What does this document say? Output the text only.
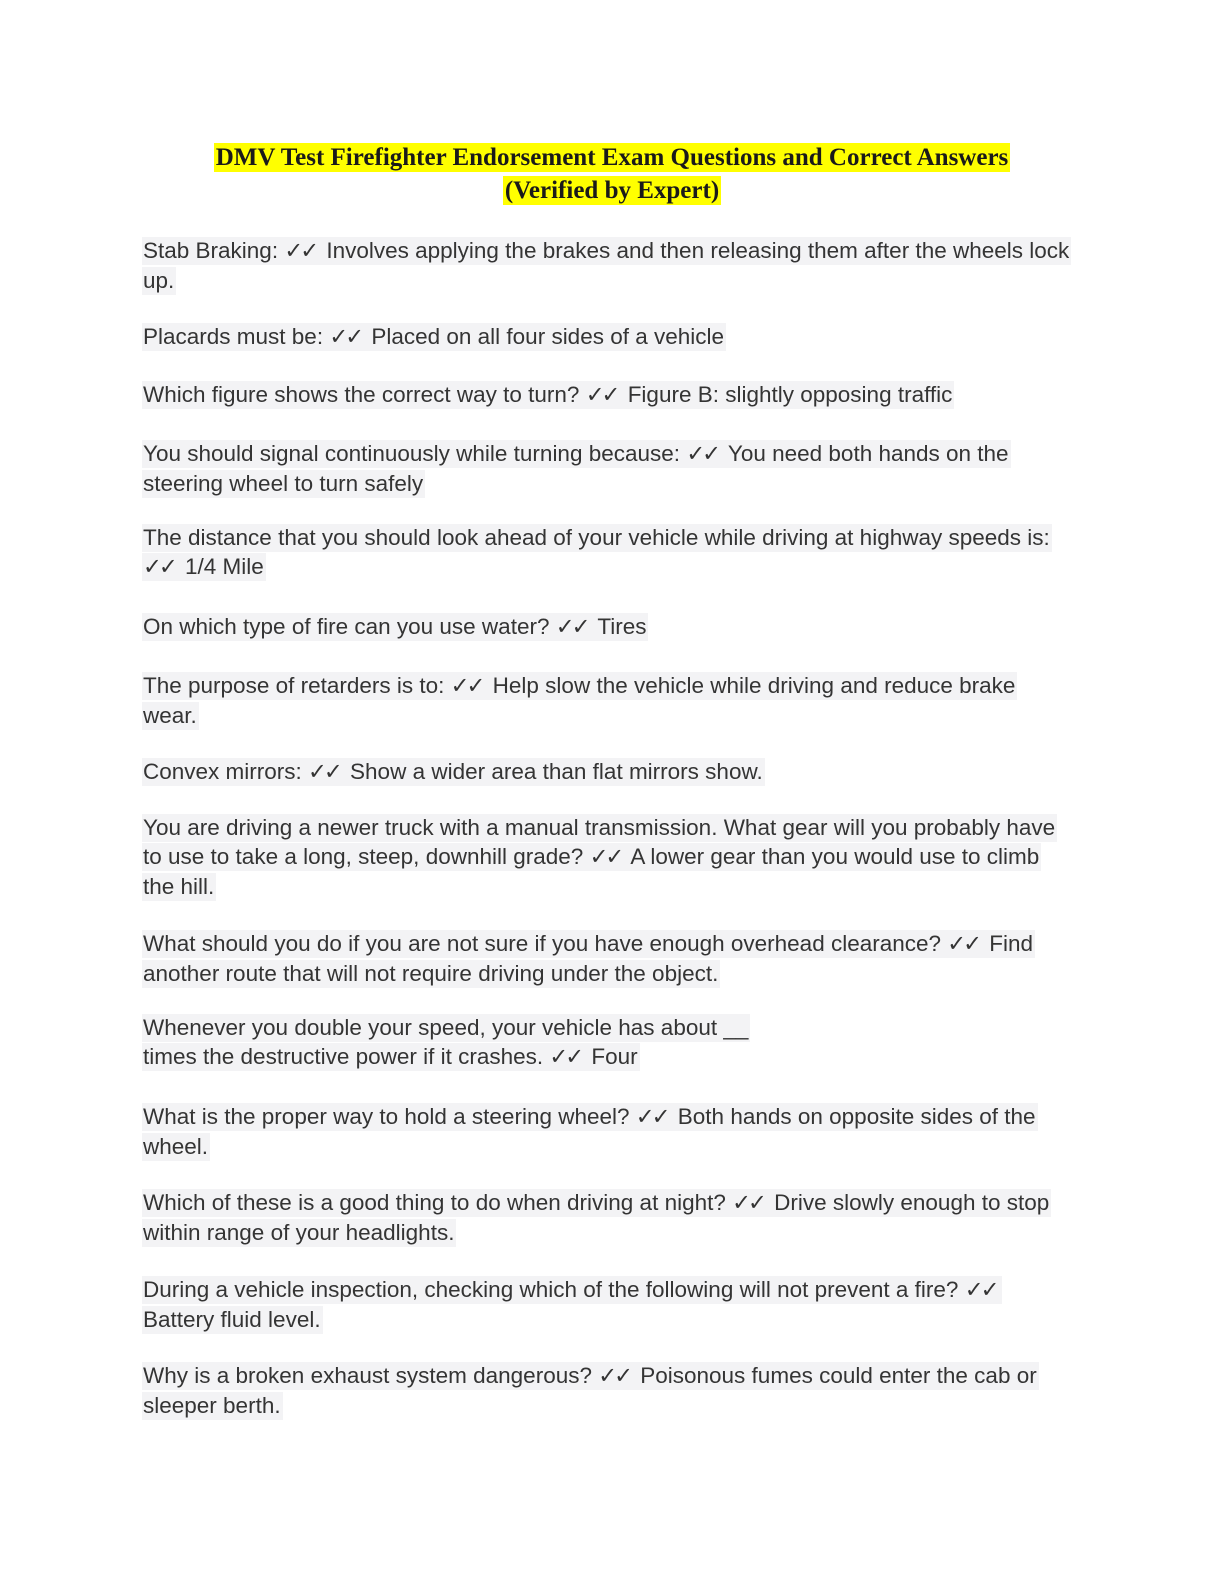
DMV Test Firefighter Endorsement Exam Questions and Correct Answers
(Verified by Expert)
Stab Braking: ✓✓ Involves applying the brakes and then releasing them after the wheels lock up.
Placards must be: ✓✓ Placed on all four sides of a vehicle
Which figure shows the correct way to turn? ✓✓ Figure B: slightly opposing traffic
You should signal continuously while turning because: ✓✓ You need both hands on the steering wheel to turn safely
The distance that you should look ahead of your vehicle while driving at highway speeds is: ✓✓ 1/4 Mile
On which type of fire can you use water? ✓✓ Tires
The purpose of retarders is to: ✓✓ Help slow the vehicle while driving and reduce brake wear.
Convex mirrors: ✓✓ Show a wider area than flat mirrors show.
You are driving a newer truck with a manual transmission. What gear will you probably have to use to take a long, steep, downhill grade? ✓✓ A lower gear than you would use to climb the hill.
What should you do if you are not sure if you have enough overhead clearance? ✓✓ Find another route that will not require driving under the object.
Whenever you double your speed, your vehicle has about __ times the destructive power if it crashes. ✓✓ Four
What is the proper way to hold a steering wheel? ✓✓ Both hands on opposite sides of the wheel.
Which of these is a good thing to do when driving at night? ✓✓ Drive slowly enough to stop within range of your headlights.
During a vehicle inspection, checking which of the following will not prevent a fire? ✓✓ Battery fluid level.
Why is a broken exhaust system dangerous? ✓✓ Poisonous fumes could enter the cab or sleeper berth.
